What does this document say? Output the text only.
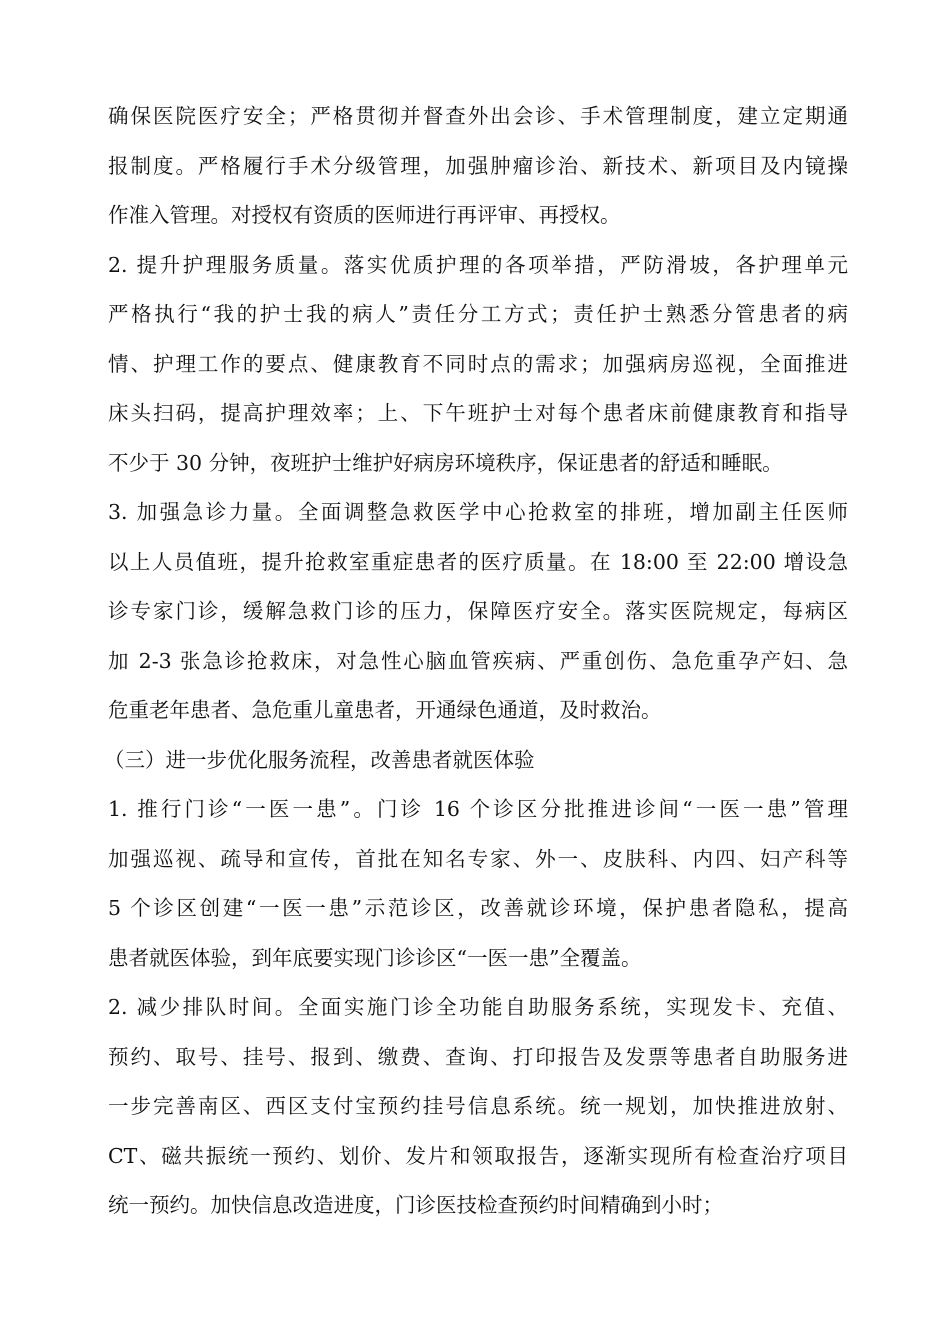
确保医院医疗安全；严格贯彻并督查外出会诊、手术管理制度，建立定期通
报制度。严格履行手术分级管理，加强肿瘤诊治、新技术、新项目及内镜操
作准入管理。对授权有资质的医师进行再评审、再授权。
2. 提升护理服务质量。落实优质护理的各项举措，严防滑坡，各护理单元
严格执行“我的护士我的病人”责任分工方式；责任护士熟悉分管患者的病
情、护理工作的要点、健康教育不同时点的需求；加强病房巡视，全面推进
床头扫码，提高护理效率；上、下午班护士对每个患者床前健康教育和指导
不少于 30 分钟，夜班护士维护好病房环境秩序，保证患者的舒适和睡眠。
3. 加强急诊力量。全面调整急救医学中心抢救室的排班，增加副主任医师
以上人员值班，提升抢救室重症患者的医疗质量。在 18:00 至 22:00 增设急
诊专家门诊，缓解急救门诊的压力，保障医疗安全。落实医院规定，每病区
加 2-3 张急诊抢救床，对急性心脑血管疾病、严重创伤、急危重孕产妇、急
危重老年患者、急危重儿童患者，开通绿色通道，及时救治。
（三）进一步优化服务流程，改善患者就医体验
1. 推行门诊“一医一患”。门诊 16 个诊区分批推进诊间“一医一患”管理
加强巡视、疏导和宣传，首批在知名专家、外一、皮肤科、内四、妇产科等
5 个诊区创建“一医一患”示范诊区，改善就诊环境，保护患者隐私，提高
患者就医体验，到年底要实现门诊诊区“一医一患”全覆盖。
2. 减少排队时间。全面实施门诊全功能自助服务系统，实现发卡、充值、
预约、取号、挂号、报到、缴费、查询、打印报告及发票等患者自助服务进
一步完善南区、西区支付宝预约挂号信息系统。统一规划，加快推进放射、
CT、磁共振统一预约、划价、发片和领取报告，逐渐实现所有检查治疗项目
统一预约。加快信息改造进度，门诊医技检查预约时间精确到小时；
